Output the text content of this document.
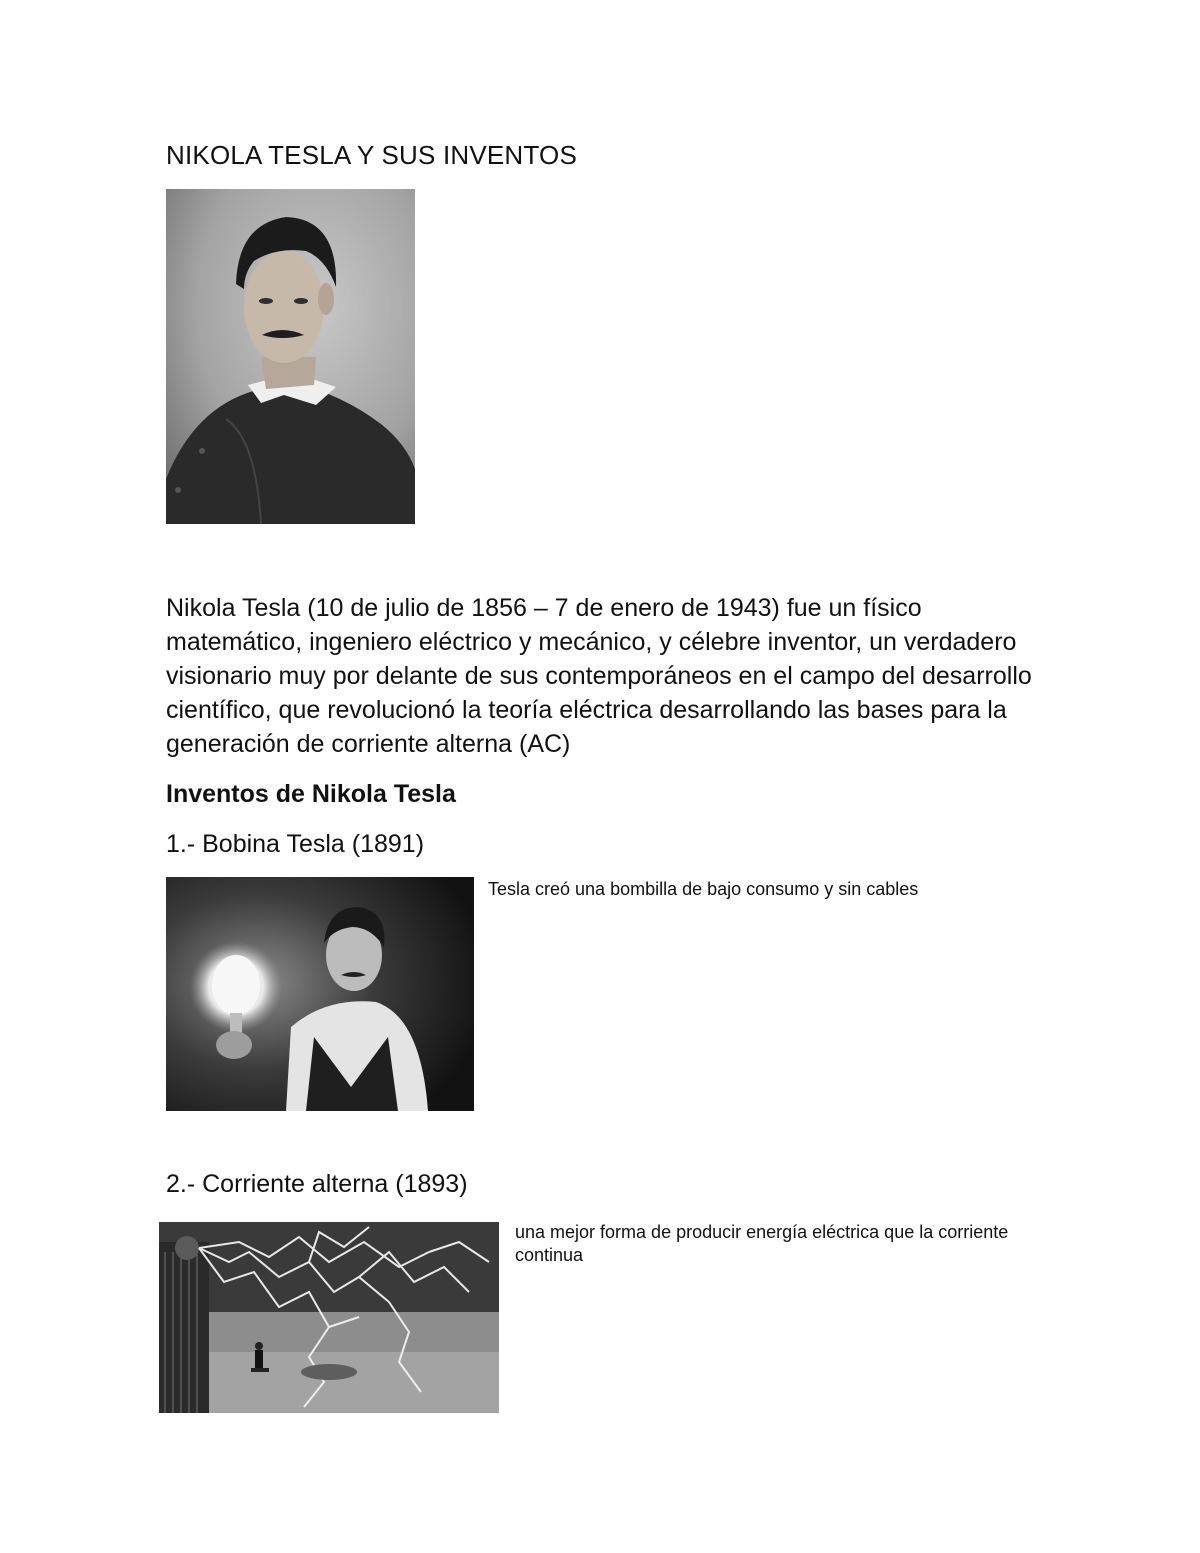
NIKOLA TESLA Y SUS INVENTOS

Nikola Tesla (10 de julio de 1856 – 7 de enero de 1943) fue un físico matemático, ingeniero eléctrico y mecánico, y célebre inventor, un verdadero visionario muy por delante de sus contemporáneos en el campo del desarrollo científico, que revolucionó la teoría eléctrica desarrollando las bases para la generación de corriente alterna (AC)

Inventos de Nikola Tesla
1.- Bobina Tesla (1891)
Tesla creó una bombilla de bajo consumo y sin cables
2.- Corriente alterna (1893)
una mejor forma de producir energía eléctrica que la corriente continua
